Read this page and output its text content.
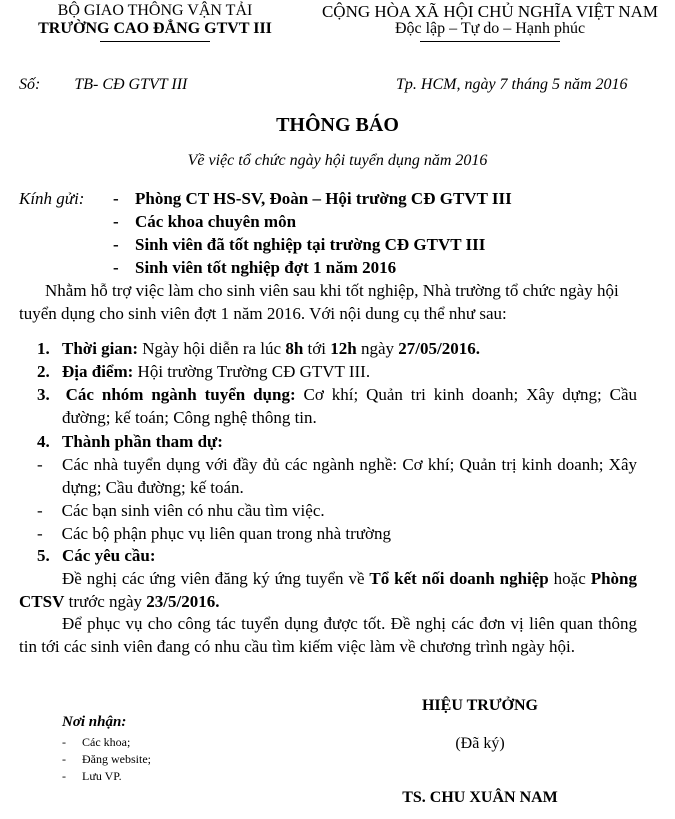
BỘ GIAO THÔNG VẬN TẢI
TRƯỜNG CAO ĐẲNG GTVT III
CỘNG HÒA XÃ HỘI CHỦ NGHĨA VIỆT NAM
Độc lập – Tự do – Hạnh phúc
Số: TB- CĐ GTVT III	Tp. HCM, ngày 7 tháng 5 năm 2016
THÔNG BÁO
Về việc tổ chức ngày hội tuyển dụng năm 2016
Kính gửi: - Phòng CT HS-SV, Đoàn – Hội trường CĐ GTVT III
- Các khoa chuyên môn
- Sinh viên đã tốt nghiệp tại trường CĐ GTVT III
- Sinh viên tốt nghiệp đợt 1 năm 2016
Nhằm hỗ trợ việc làm cho sinh viên sau khi tốt nghiệp, Nhà trường tổ chức ngày hội
tuyển dụng cho sinh viên đợt 1 năm 2016. Với nội dung cụ thể như sau:
1. Thời gian: Ngày hội diễn ra lúc 8h tới 12h ngày 27/05/2016.
2. Địa điểm: Hội trường Trường CĐ GTVT III.
3. Các nhóm ngành tuyển dụng: Cơ khí; Quản tri kinh doanh; Xây dựng; Cầu
đường; kế toán; Công nghệ thông tin.
4. Thành phần tham dự:
- Các nhà tuyển dụng với đầy đủ các ngành nghề: Cơ khí; Quản trị kinh doanh; Xây
dựng; Cầu đường; kế toán.
- Các bạn sinh viên có nhu cầu tìm việc.
- Các bộ phận phục vụ liên quan trong nhà trường
5. Các yêu cầu:
Đề nghị các ứng viên đăng ký ứng tuyển về Tổ kết nối doanh nghiệp hoặc Phòng
CTSV trước ngày 23/5/2016.
Để phục vụ cho công tác tuyển dụng được tốt. Đề nghị các đơn vị liên quan thông
tin tới các sinh viên đang có nhu cầu tìm kiếm việc làm về chương trình ngày hội.
HIỆU TRƯỞNG
(Đã ký)
TS. CHU XUÂN NAM
Nơi nhận:
- Các khoa;
- Đăng website;
- Lưu VP.
